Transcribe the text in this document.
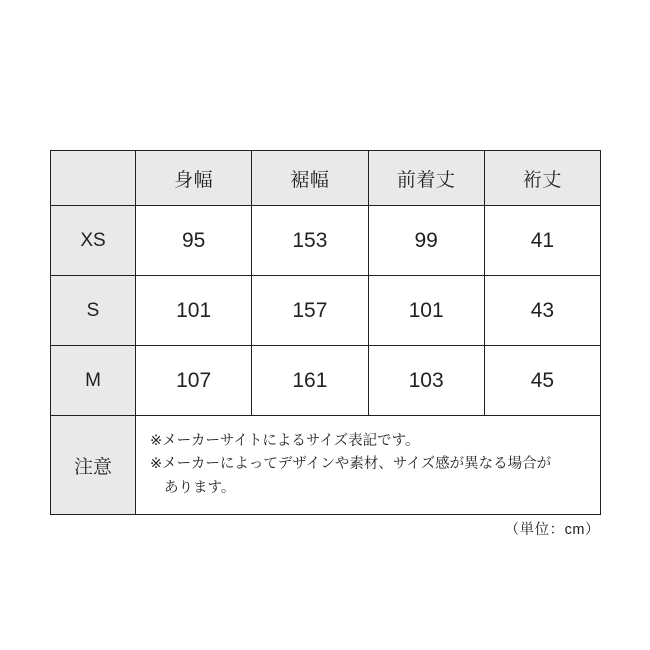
	身幅	裾幅	前着丈	裄丈
XS	95	153	99	41
S	101	157	101	43
M	107	161	103	45
注意	※メーカーサイトによるサイズ表記です。
※メーカーによってデザインや素材、サイズ感が異なる場合が
あります。			
（単位：cm）
